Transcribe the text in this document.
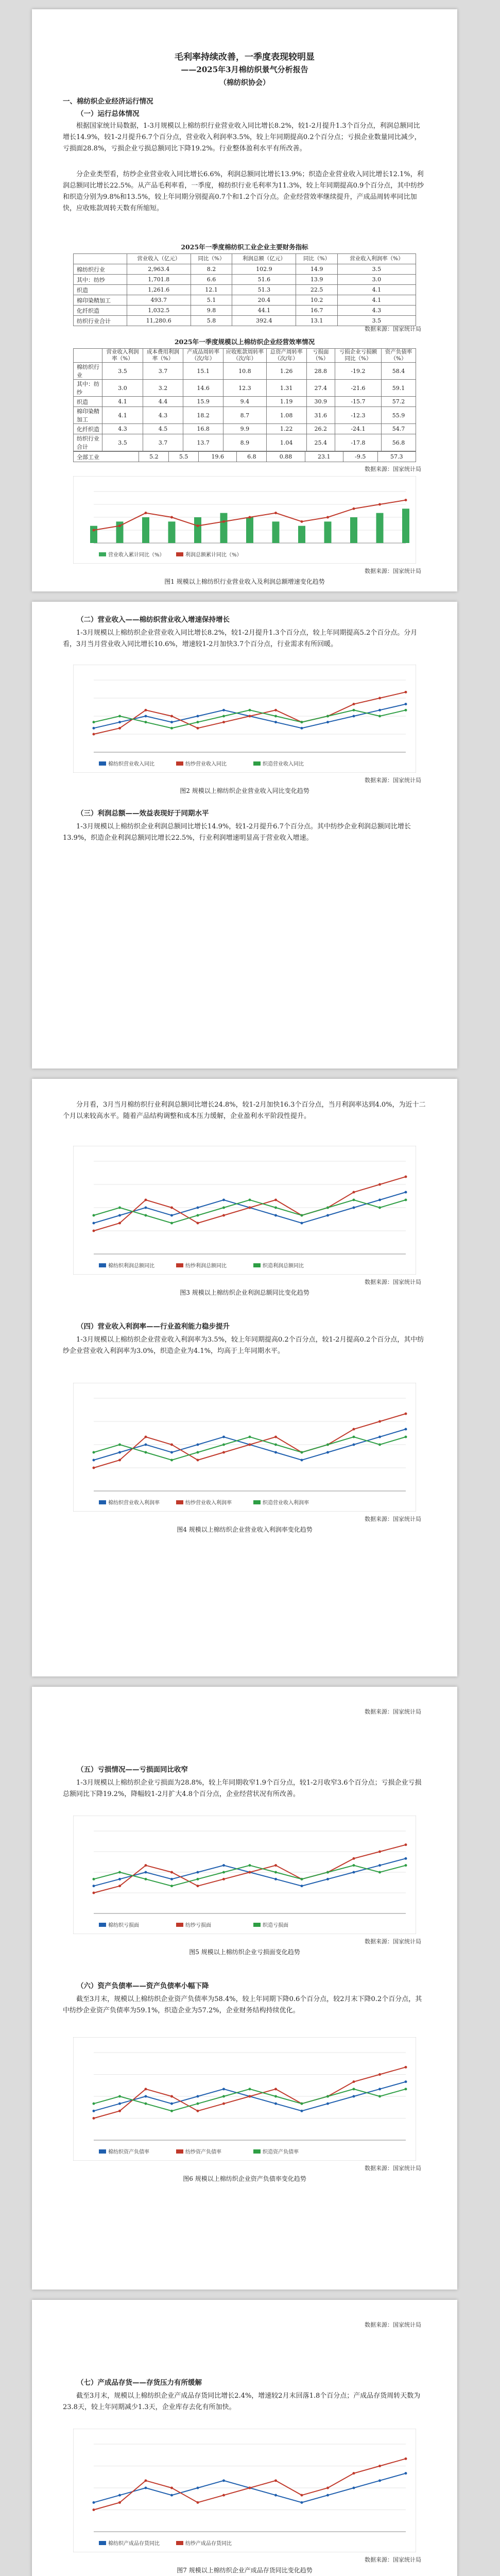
毛利率持续改善，一季度表现较明显
——2025年3月棉纺织景气分析报告
（棉纺织协会）
一、棉纺织企业经济运行情况
（一）运行总体情况

根据国家统计局数据，1-3月规模以上棉纺织行业营业收入同比增长8.2%，较1-2月提升1.3个百分点，利润总额同比增长14.9%，较1-2月提升6.7个百分点，营业收入利润率3.5%，较上年同期提高0.2个百分点；亏损企业数量同比减少，亏损面28.8%，亏损企业亏损总额同比下降19.2%。行业整体盈利水平有所改善。

分企业类型看，纺纱企业营业收入同比增长6.6%，利润总额同比增长13.9%；织造企业营业收入同比增长12.1%，利润总额同比增长22.5%。从产品毛利率看，一季度，棉纺织行业毛利率为11.3%，较上年同期提高0.9个百分点，其中纺纱和织造分别为9.8%和13.5%，较上年同期分别提高0.7个和1.2个百分点。企业经营效率继续提升，产成品周转率同比加快，应收账款周转天数有所缩短。

2025年一季度棉纺织工业企业主要财务指标
	营业收入（亿元）	同比（%）	利润总额（亿元）	同比（%）	营业收入利润率（%）
棉纺织行业	2,963.4	8.2	102.9	14.9	3.5
其中：纺纱	1,701.8	6.6	51.6	13.9	3.0
织造	1,261.6	12.1	51.3	22.5	4.1
棉印染精加工	493.7	5.1	20.4	10.2	4.1
化纤织造	1,032.5	9.8	44.1	16.7	4.3
纺织行业合计	11,280.6	5.8	392.4	13.1	3.5
数据来源：国家统计局
2025年一季度规模以上棉纺织企业经营效率情况
	营业收入利润率（%）	成本费用利润率（%）	产成品周转率（次/年）	应收账款周转率（次/年）	总资产周转率（次/年）	亏损面（%）	亏损企业亏损额同比（%）	资产负债率（%）
棉纺织行业	3.5	3.7	15.1	10.8	1.26	28.8	-19.2	58.4
其中：纺纱	3.0	3.2	14.6	12.3	1.31	27.4	-21.6	59.1
织造	4.1	4.4	15.9	9.4	1.19	30.9	-15.7	57.2
棉印染精加工	4.1	4.3	18.2	8.7	1.08	31.6	-12.3	55.9
化纤织造	4.3	4.5	16.8	9.9	1.22	26.2	-24.1	54.7
纺织行业合计	3.5	3.7	13.7	8.9	1.04	25.4	-17.8	56.8
全部工业	5.2	5.5	19.6	6.8	0.88	23.1	-9.5	57.3
数据来源：国家统计局
营业收入累计同比（%）	利润总额累计同比（%）
数据来源：国家统计局
图1 规模以上棉纺织行业营业收入及利润总额增速变化趋势
（二）营业收入——棉纺织营业收入增速保持增长

1-3月规模以上棉纺织企业营业收入同比增长8.2%，较1-2月提升1.3个百分点，较上年同期提高5.2个百分点。分月看，3月当月营业收入同比增长10.6%，增速较1-2月加快3.7个百分点，行业需求有所回暖。

棉纺织营业收入同比	纺纱营业收入同比	织造营业收入同比
数据来源：国家统计局
图2 规模以上棉纺织企业营业收入同比变化趋势
（三）利润总额——效益表现好于同期水平

1-3月规模以上棉纺织企业利润总额同比增长14.9%，较1-2月提升6.7个百分点。其中纺纱企业利润总额同比增长13.9%，织造企业利润总额同比增长22.5%，行业利润增速明显高于营业收入增速。

分月看，3月当月棉纺织行业利润总额同比增长24.8%，较1-2月加快16.3个百分点，当月利润率达到4.0%，为近十二个月以来较高水平。随着产品结构调整和成本压力缓解，企业盈利水平阶段性提升。

棉纺织利润总额同比	纺纱利润总额同比	织造利润总额同比
数据来源：国家统计局
图3 规模以上棉纺织企业利润总额同比变化趋势
（四）营业收入利润率——行业盈利能力稳步提升

1-3月规模以上棉纺织企业营业收入利润率为3.5%，较上年同期提高0.2个百分点，较1-2月提高0.2个百分点，其中纺纱企业营业收入利润率为3.0%，织造企业为4.1%，均高于上年同期水平。

棉纺织营业收入利润率	纺纱营业收入利润率	织造营业收入利润率
数据来源：国家统计局
图4 规模以上棉纺织企业营业收入利润率变化趋势
数据来源：国家统计局
（五）亏损情况——亏损面同比收窄

1-3月规模以上棉纺织企业亏损面为28.8%，较上年同期收窄1.9个百分点，较1-2月收窄3.6个百分点；亏损企业亏损总额同比下降19.2%，降幅较1-2月扩大4.8个百分点，企业经营状况有所改善。

棉纺织亏损面	纺纱亏损面	织造亏损面
数据来源：国家统计局
图5 规模以上棉纺织企业亏损面变化趋势
（六）资产负债率——资产负债率小幅下降

截至3月末，规模以上棉纺织企业资产负债率为58.4%，较上年同期下降0.6个百分点，较2月末下降0.2个百分点，其中纺纱企业资产负债率为59.1%，织造企业为57.2%，企业财务结构持续优化。

棉纺织资产负债率	纺纱资产负债率	织造资产负债率
数据来源：国家统计局
图6 规模以上棉纺织企业资产负债率变化趋势
数据来源：国家统计局
（七）产成品存货——存货压力有所缓解

截至3月末，规模以上棉纺织企业产成品存货同比增长2.4%，增速较2月末回落1.8个百分点；产成品存货周转天数为23.8天，较上年同期减少1.3天，企业库存去化有所加快。

棉纺织产成品存货同比	纺纱产成品存货同比
数据来源：国家统计局
图7 规模以上棉纺织企业产成品存货同比变化趋势
